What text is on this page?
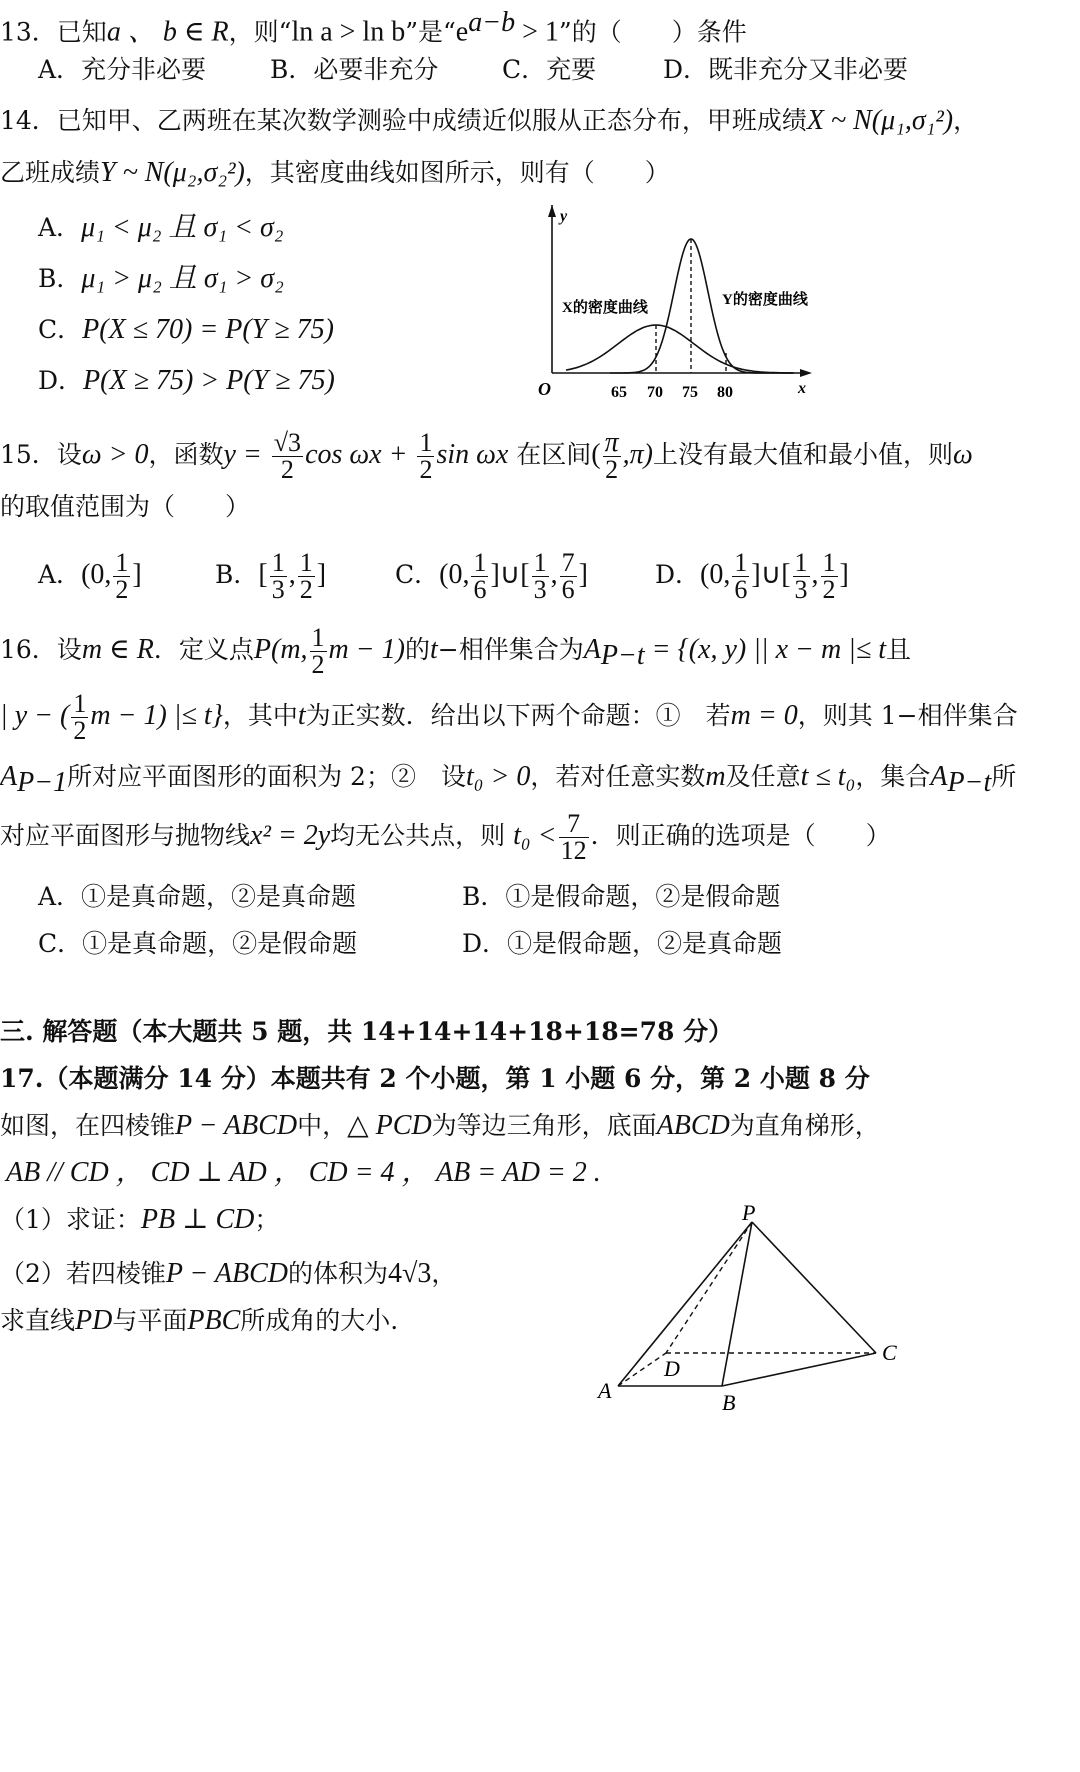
13．已知a 、 b ∈ R，则“ln a > ln b”是“$e^{a-b} > 1$”的（　　）条件
A．充分非必要	B．必要非充分	C．充要	D．既非充分又非必要
14．已知甲、乙两班在某次数学测验中成绩近似服从正态分布，甲班成绩X ~ N(μ₁,σ₁²)，
乙班成绩Y ~ N(μ₂,σ₂²)，其密度曲线如图所示，则有（　　）
A．μ₁ < μ₂ 且 σ₁ < σ₂
B．μ₁ > μ₂ 且 σ₁ > σ₂
C．P(X ≤ 70) = P(Y ≥ 75)
D．P(X ≥ 75) > P(Y ≥ 75)
y
x
O	65 70 75 80
X的密度曲线	Y的密度曲线
15．设ω > 0，函数$y = \frac{√3}{2}$ $\cos \omega x + \frac{1}{2}$ sin ωx 在区间( $\frac{\pi}{2} ,\pi$)上没有最大值和最小值，则ω
的取值范围为（　　）
A．(0, $\frac{1}{2}$ ]	B．[ $\frac{1}{3}$ , $\frac{1}{2}$ ]	C．(0, $\frac{1}{6}$ ]∪[ $\frac{1}{3}$ , $\frac{7}{6}$ ]	D．(0, $\frac{1}{6}$ ]∪[ $\frac{1}{3}$ , $\frac{1}{2}$ ]
16．设m ∈ R．定义点P(m, $\frac{1}{2}$ m − 1)的t−相伴集合为$A_{P-t} = \{(x$, y) || x − m |≤ t且
| y − ( $\frac{1}{2}$ m − 1) |≤ t}，其中t为正实数．给出以下两个命题：①　若m = 0，则其 1−相伴集合
$A_{P-1}$所对应平面图形的面积为 2；②　设t₀ > 0，若对任意实数m及任意t ≤ t₀，集合$A_{P-t}$所
对应平面图形与抛物线x² = 2y均无公共点，则 $t_0 < \frac{7}{12}$ ．则正确的选项是（　　）
A．①是真命题，②是真命题	B．①是假命题，②是假命题
C．①是真命题，②是假命题	D．①是假命题，②是真命题
三. 解答题（本大题共 5 题，共 14+14+14+18+18=78 分）
17.（本题满分 14 分）本题共有 2 个小题，第 1 小题 6 分，第 2 小题 8 分
如图，在四棱锥P − ABCD中，△ PCD为等边三角形，底面ABCD为直角梯形，
AB // CD ， CD ⊥ AD ， CD = 4 ， AB = AD = 2 .
（1）求证：PB ⊥ CD；
（2）若四棱锥P − ABCD的体积为4√3，
求直线PD与平面PBC所成角的大小.
P
A	B
C
D
